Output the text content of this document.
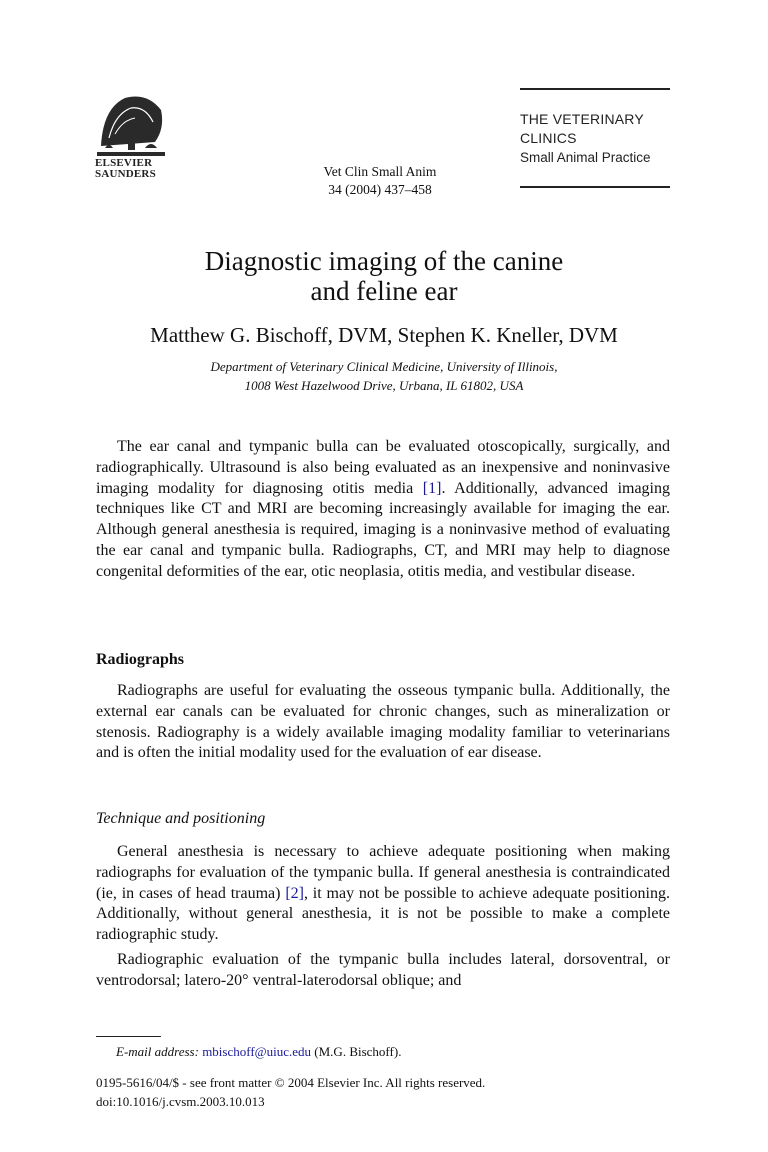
ELSEVIER
SAUNDERS	Vet Clin Small Anim
34 (2004) 437–458
THE VETERINARY
CLINICS
Small Animal Practice
Diagnostic imaging of the canine
and feline ear
Matthew G. Bischoff, DVM, Stephen K. Kneller, DVM
Department of Veterinary Clinical Medicine, University of Illinois,
1008 West Hazelwood Drive, Urbana, IL 61802, USA

The ear canal and tympanic bulla can be evaluated otoscopically, surgically, and radiographically. Ultrasound is also being evaluated as an inexpensive and noninvasive imaging modality for diagnosing otitis media [1]. Additionally, advanced imaging techniques like CT and MRI are becoming increasingly available for imaging the ear. Although general anesthesia is required, imaging is a noninvasive method of evaluating the ear canal and tympanic bulla. Radiographs, CT, and MRI may help to diagnose congenital deformities of the ear, otic neoplasia, otitis media, and vestibular disease.

Radiographs

Radiographs are useful for evaluating the osseous tympanic bulla. Additionally, the external ear canals can be evaluated for chronic changes, such as mineralization or stenosis. Radiography is a widely available imaging modality familiar to veterinarians and is often the initial modality used for the evaluation of ear disease.

Technique and positioning

General anesthesia is necessary to achieve adequate positioning when making radiographs for evaluation of the tympanic bulla. If general anesthesia is contraindicated (ie, in cases of head trauma) [2], it may not be possible to achieve adequate positioning. Additionally, without general anesthesia, it is not be possible to make a complete radiographic study.

Radiographic evaluation of the tympanic bulla includes lateral, dorsoventral, or ventrodorsal; latero-20° ventral-laterodorsal oblique; and

E-mail address: mbischoff@uiuc.edu (M.G. Bischoff).
0195-5616/04/$ - see front matter © 2004 Elsevier Inc. All rights reserved.
doi:10.1016/j.cvsm.2003.10.013
